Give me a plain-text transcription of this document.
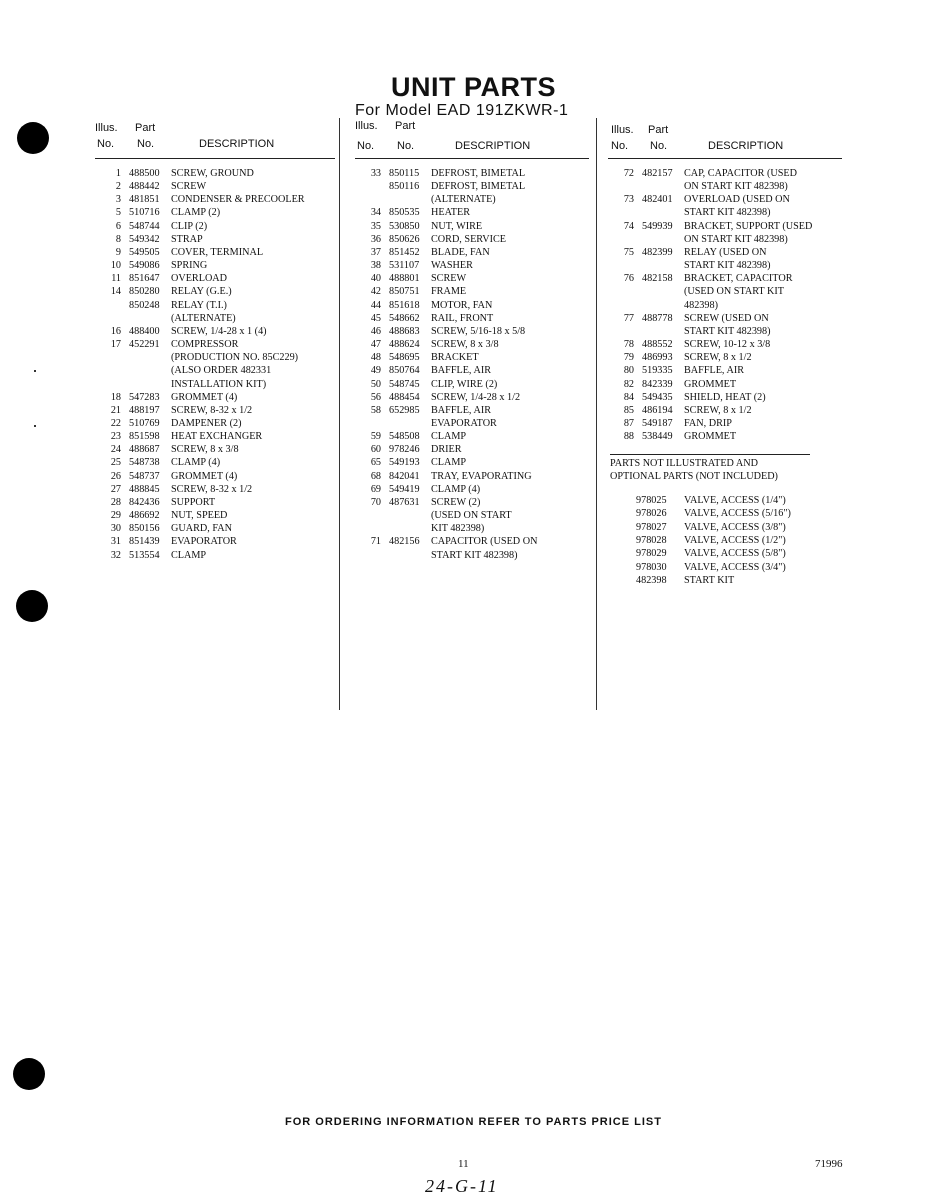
UNIT PARTS
For Model EAD 191ZKWR-1
Illus. Part
No. No.	DESCRIPTION
1 488500	SCREW, GROUND
2 488442	SCREW
3 481851	CONDENSER & PRECOOLER
5 510716	CLAMP (2)
6 548744	CLIP (2)
8 549342	STRAP
9 549505	COVER, TERMINAL
10 549086	SPRING
11 851647	OVERLOAD
14 850280	RELAY (G.E.)
850248	RELAY (T.I.)
(ALTERNATE)
16 488400	SCREW, 1/4-28 x 1 (4)
17 452291	COMPRESSOR
(PRODUCTION NO. 85C229)
(ALSO ORDER 482331
INSTALLATION KIT)
18 547283	GROMMET (4)
21 488197	SCREW, 8-32 x 1/2
22 510769	DAMPENER (2)
23 851598	HEAT EXCHANGER
24 488687	SCREW, 8 x 3/8
25 548738	CLAMP (4)
26 548737	GROMMET (4)
27 488845	SCREW, 8-32 x 1/2
28 842436	SUPPORT
29 486692	NUT, SPEED
30 850156	GUARD, FAN
31 851439	EVAPORATOR
32 513554	CLAMP
Illus. Part
No. No.	DESCRIPTION
33 850115	DEFROST, BIMETAL
850116	DEFROST, BIMETAL
(ALTERNATE)
34 850535	HEATER
35 530850	NUT, WIRE
36 850626	CORD, SERVICE
37 851452	BLADE, FAN
38 531107	WASHER
40 488801	SCREW
42 850751	FRAME
44 851618	MOTOR, FAN
45 548662	RAIL, FRONT
46 488683	SCREW, 5/16-18 x 5/8
47 488624	SCREW, 8 x 3/8
48 548695	BRACKET
49 850764	BAFFLE, AIR
50 548745	CLIP, WIRE (2)
56 488454	SCREW, 1/4-28 x 1/2
58 652985	BAFFLE, AIR
EVAPORATOR
59 548508	CLAMP
60 978246	DRIER
65 549193	CLAMP
68 842041	TRAY, EVAPORATING
69 549419	CLAMP (4)
70 487631	SCREW (2)
(USED ON START
KIT 482398)
71 482156	CAPACITOR (USED ON
START KIT 482398)
Illus. Part
No. No.	DESCRIPTION
72 482157	CAP, CAPACITOR (USED
ON START KIT 482398)
73 482401	OVERLOAD (USED ON
START KIT 482398)
74 549939	BRACKET, SUPPORT (USED
ON START KIT 482398)
75 482399	RELAY (USED ON
START KIT 482398)
76 482158	BRACKET, CAPACITOR
(USED ON START KIT
482398)
77 488778	SCREW (USED ON
START KIT 482398)
78 488552	SCREW, 10-12 x 3/8
79 486993	SCREW, 8 x 1/2
80 519335	BAFFLE, AIR
82 842339	GROMMET
84 549435	SHIELD, HEAT (2)
85 486194	SCREW, 8 x 1/2
87 549187	FAN, DRIP
88 538449	GROMMET
PARTS NOT ILLUSTRATED AND
OPTIONAL PARTS (NOT INCLUDED)
978025	VALVE, ACCESS (1/4")
978026	VALVE, ACCESS (5/16")
978027	VALVE, ACCESS (3/8")
978028	VALVE, ACCESS (1/2")
978029	VALVE, ACCESS (5/8")
978030	VALVE, ACCESS (3/4")
482398	START KIT
FOR ORDERING INFORMATION REFER TO PARTS PRICE LIST
11	71996
24-G-11
